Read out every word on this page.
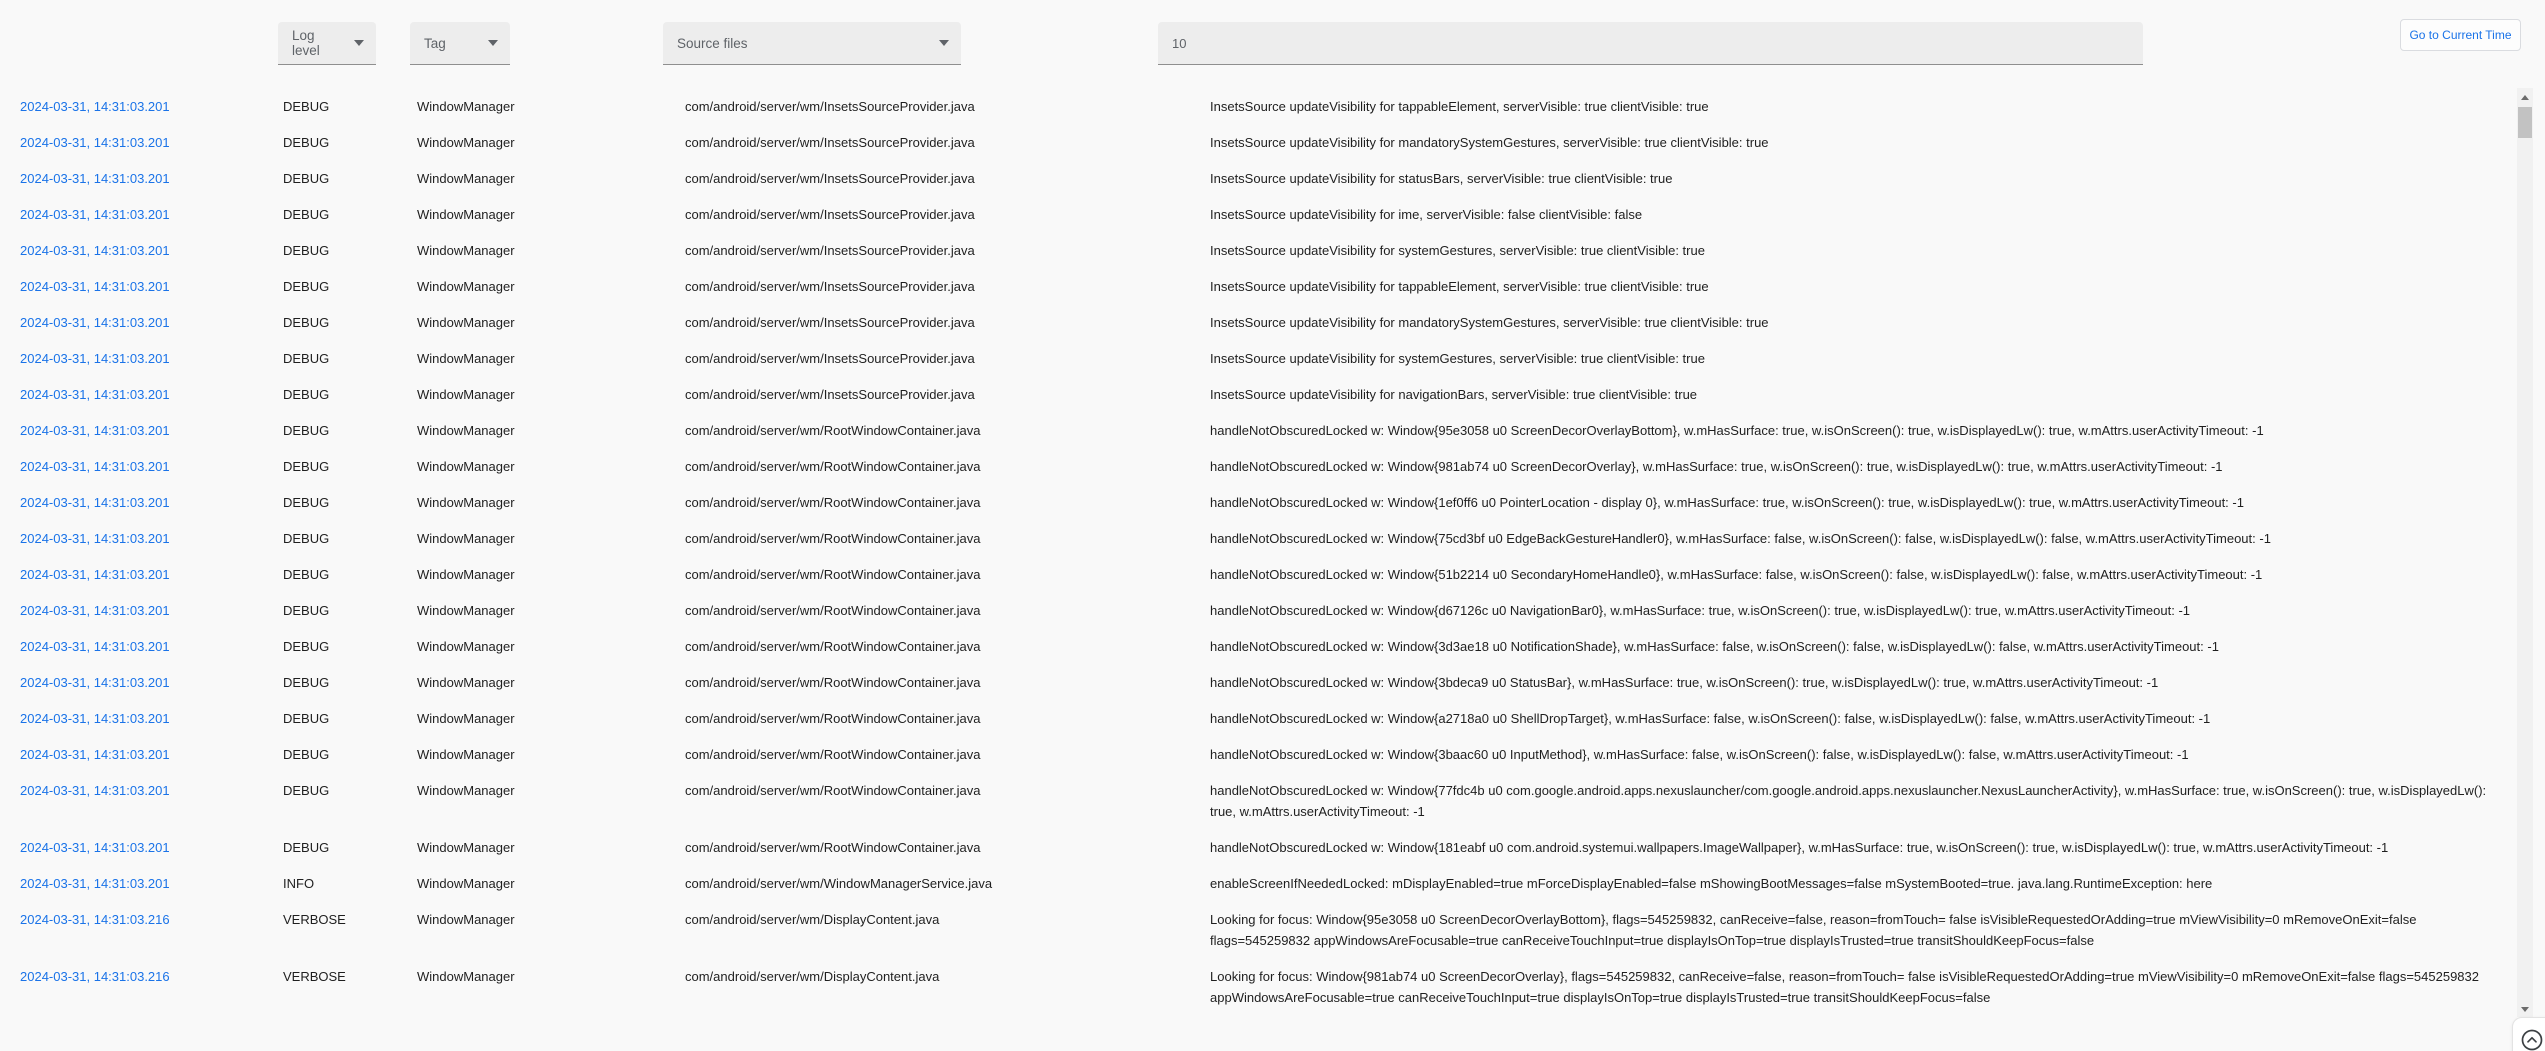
Log level	Tag	Source files
10
Go to Current Time
2024-03-31, 14:31:03.201	DEBUG	WindowManager	com/android/server/wm/InsetsSourceProvider.java	InsetsSource updateVisibility for tappableElement, serverVisible: true clientVisible: true
2024-03-31, 14:31:03.201	DEBUG	WindowManager	com/android/server/wm/InsetsSourceProvider.java	InsetsSource updateVisibility for mandatorySystemGestures, serverVisible: true clientVisible: true
2024-03-31, 14:31:03.201	DEBUG	WindowManager	com/android/server/wm/InsetsSourceProvider.java	InsetsSource updateVisibility for statusBars, serverVisible: true clientVisible: true
2024-03-31, 14:31:03.201	DEBUG	WindowManager	com/android/server/wm/InsetsSourceProvider.java	InsetsSource updateVisibility for ime, serverVisible: false clientVisible: false
2024-03-31, 14:31:03.201	DEBUG	WindowManager	com/android/server/wm/InsetsSourceProvider.java	InsetsSource updateVisibility for systemGestures, serverVisible: true clientVisible: true
2024-03-31, 14:31:03.201	DEBUG	WindowManager	com/android/server/wm/InsetsSourceProvider.java	InsetsSource updateVisibility for tappableElement, serverVisible: true clientVisible: true
2024-03-31, 14:31:03.201	DEBUG	WindowManager	com/android/server/wm/InsetsSourceProvider.java	InsetsSource updateVisibility for mandatorySystemGestures, serverVisible: true clientVisible: true
2024-03-31, 14:31:03.201	DEBUG	WindowManager	com/android/server/wm/InsetsSourceProvider.java	InsetsSource updateVisibility for systemGestures, serverVisible: true clientVisible: true
2024-03-31, 14:31:03.201	DEBUG	WindowManager	com/android/server/wm/InsetsSourceProvider.java	InsetsSource updateVisibility for navigationBars, serverVisible: true clientVisible: true
2024-03-31, 14:31:03.201	DEBUG	WindowManager	com/android/server/wm/RootWindowContainer.java	handleNotObscuredLocked w: Window{95e3058 u0 ScreenDecorOverlayBottom}, w.mHasSurface: true, w.isOnScreen(): true, w.isDisplayedLw(): true, w.mAttrs.userActivityTimeout: -1
2024-03-31, 14:31:03.201	DEBUG	WindowManager	com/android/server/wm/RootWindowContainer.java	handleNotObscuredLocked w: Window{981ab74 u0 ScreenDecorOverlay}, w.mHasSurface: true, w.isOnScreen(): true, w.isDisplayedLw(): true, w.mAttrs.userActivityTimeout: -1
2024-03-31, 14:31:03.201	DEBUG	WindowManager	com/android/server/wm/RootWindowContainer.java	handleNotObscuredLocked w: Window{1ef0ff6 u0 PointerLocation - display 0}, w.mHasSurface: true, w.isOnScreen(): true, w.isDisplayedLw(): true, w.mAttrs.userActivityTimeout: -1
2024-03-31, 14:31:03.201	DEBUG	WindowManager	com/android/server/wm/RootWindowContainer.java	handleNotObscuredLocked w: Window{75cd3bf u0 EdgeBackGestureHandler0}, w.mHasSurface: false, w.isOnScreen(): false, w.isDisplayedLw(): false, w.mAttrs.userActivityTimeout: -1
2024-03-31, 14:31:03.201	DEBUG	WindowManager	com/android/server/wm/RootWindowContainer.java	handleNotObscuredLocked w: Window{51b2214 u0 SecondaryHomeHandle0}, w.mHasSurface: false, w.isOnScreen(): false, w.isDisplayedLw(): false, w.mAttrs.userActivityTimeout: -1
2024-03-31, 14:31:03.201	DEBUG	WindowManager	com/android/server/wm/RootWindowContainer.java	handleNotObscuredLocked w: Window{d67126c u0 NavigationBar0}, w.mHasSurface: true, w.isOnScreen(): true, w.isDisplayedLw(): true, w.mAttrs.userActivityTimeout: -1
2024-03-31, 14:31:03.201	DEBUG	WindowManager	com/android/server/wm/RootWindowContainer.java	handleNotObscuredLocked w: Window{3d3ae18 u0 NotificationShade}, w.mHasSurface: false, w.isOnScreen(): false, w.isDisplayedLw(): false, w.mAttrs.userActivityTimeout: -1
2024-03-31, 14:31:03.201	DEBUG	WindowManager	com/android/server/wm/RootWindowContainer.java	handleNotObscuredLocked w: Window{3bdeca9 u0 StatusBar}, w.mHasSurface: true, w.isOnScreen(): true, w.isDisplayedLw(): true, w.mAttrs.userActivityTimeout: -1
2024-03-31, 14:31:03.201	DEBUG	WindowManager	com/android/server/wm/RootWindowContainer.java	handleNotObscuredLocked w: Window{a2718a0 u0 ShellDropTarget}, w.mHasSurface: false, w.isOnScreen(): false, w.isDisplayedLw(): false, w.mAttrs.userActivityTimeout: -1
2024-03-31, 14:31:03.201	DEBUG	WindowManager	com/android/server/wm/RootWindowContainer.java	handleNotObscuredLocked w: Window{3baac60 u0 InputMethod}, w.mHasSurface: false, w.isOnScreen(): false, w.isDisplayedLw(): false, w.mAttrs.userActivityTimeout: -1
2024-03-31, 14:31:03.201	DEBUG	WindowManager	com/android/server/wm/RootWindowContainer.java	handleNotObscuredLocked w: Window{77fdc4b u0 com.google.android.apps.nexuslauncher/com.google.android.apps.nexuslauncher.NexusLauncherActivity}, w.mHasSurface: true, w.isOnScreen(): true, w.isDisplayedLw(): true, w.mAttrs.userActivityTimeout: -1
2024-03-31, 14:31:03.201	DEBUG	WindowManager	com/android/server/wm/RootWindowContainer.java	handleNotObscuredLocked w: Window{181eabf u0 com.android.systemui.wallpapers.ImageWallpaper}, w.mHasSurface: true, w.isOnScreen(): true, w.isDisplayedLw(): true, w.mAttrs.userActivityTimeout: -1
2024-03-31, 14:31:03.201	INFO	WindowManager	com/android/server/wm/WindowManagerService.java	enableScreenIfNeededLocked: mDisplayEnabled=true mForceDisplayEnabled=false mShowingBootMessages=false mSystemBooted=true. java.lang.RuntimeException: here
2024-03-31, 14:31:03.216	VERBOSE	WindowManager	com/android/server/wm/DisplayContent.java	Looking for focus: Window{95e3058 u0 ScreenDecorOverlayBottom}, flags=545259832, canReceive=false, reason=fromTouch= false isVisibleRequestedOrAdding=true mViewVisibility=0 mRemoveOnExit=false flags=545259832 appWindowsAreFocusable=true canReceiveTouchInput=true displayIsOnTop=true displayIsTrusted=true transitShouldKeepFocus=false
2024-03-31, 14:31:03.216	VERBOSE	WindowManager	com/android/server/wm/DisplayContent.java	Looking for focus: Window{981ab74 u0 ScreenDecorOverlay}, flags=545259832, canReceive=false, reason=fromTouch= false isVisibleRequestedOrAdding=true mViewVisibility=0 mRemoveOnExit=false flags=545259832 appWindowsAreFocusable=true canReceiveTouchInput=true displayIsOnTop=true displayIsTrusted=true transitShouldKeepFocus=false
